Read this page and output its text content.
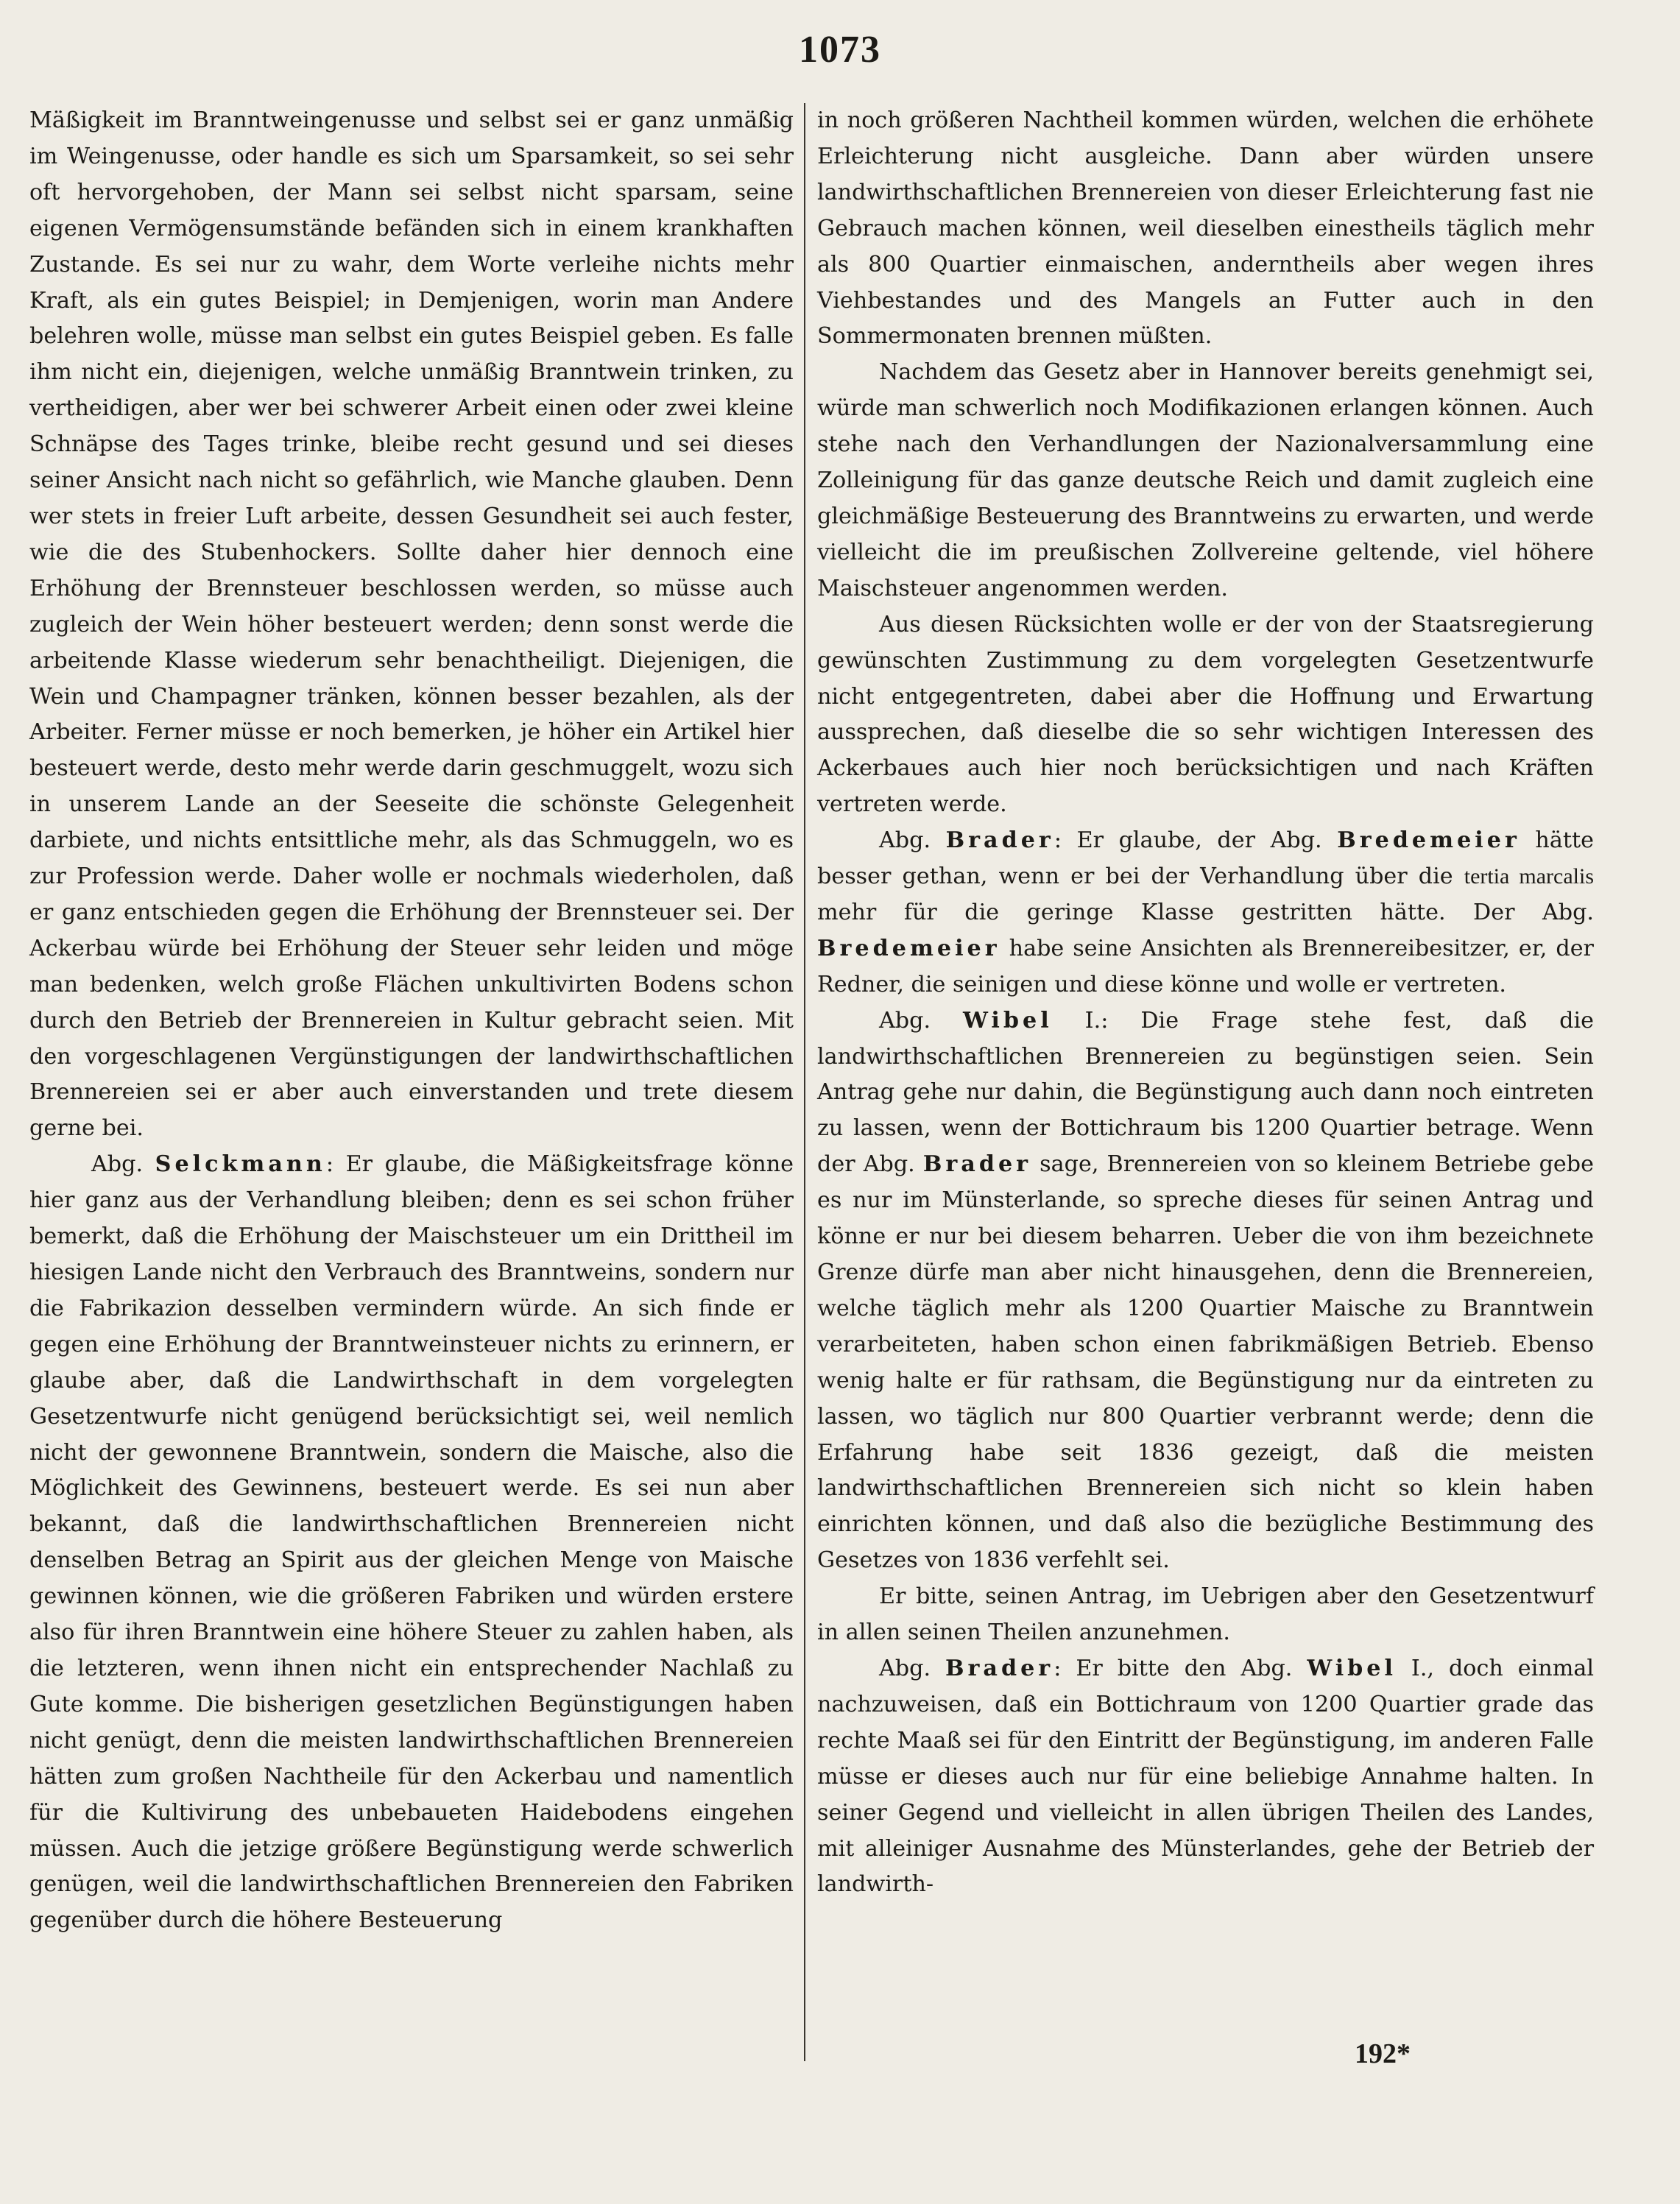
1073

Mäßigkeit im Branntweingenusse und selbst sei er ganz unmäßig im Weingenusse, oder handle es sich um Sparsamkeit, so sei sehr oft hervorgehoben, der Mann sei selbst nicht sparsam, seine eigenen Vermögensumstände befänden sich in einem krankhaften Zustande. Es sei nur zu wahr, dem Worte verleihe nichts mehr Kraft, als ein gutes Beispiel; in Demjenigen, worin man Andere belehren wolle, müsse man selbst ein gutes Beispiel geben. Es falle ihm nicht ein, diejenigen, welche unmäßig Branntwein trinken, zu vertheidigen, aber wer bei schwerer Arbeit einen oder zwei kleine Schnäpse des Tages trinke, bleibe recht gesund und sei dieses seiner Ansicht nach nicht so gefährlich, wie Manche glauben. Denn wer stets in freier Luft arbeite, dessen Gesundheit sei auch fester, wie die des Stubenhockers. Sollte daher hier dennoch eine Erhöhung der Brennsteuer beschlossen werden, so müsse auch zugleich der Wein höher besteuert werden; denn sonst werde die arbeitende Klasse wiederum sehr benachtheiligt. Diejenigen, die Wein und Champagner tränken, können besser bezahlen, als der Arbeiter. Ferner müsse er noch bemerken, je höher ein Artikel hier besteuert werde, desto mehr werde darin geschmuggelt, wozu sich in unserem Lande an der Seeseite die schönste Gelegenheit darbiete, und nichts entsittliche mehr, als das Schmuggeln, wo es zur Profession werde. Daher wolle er nochmals wiederholen, daß er ganz entschieden gegen die Erhöhung der Brennsteuer sei. Der Ackerbau würde bei Erhöhung der Steuer sehr leiden und möge man bedenken, welch große Flächen unkultivirten Bodens schon durch den Betrieb der Brennereien in Kultur gebracht seien. Mit den vorgeschlagenen Vergünstigungen der landwirthschaftlichen Brennereien sei er aber auch einverstanden und trete diesem gerne bei.

Abg. Selckmann: Er glaube, die Mäßigkeitsfrage könne hier ganz aus der Verhandlung bleiben; denn es sei schon früher bemerkt, daß die Erhöhung der Maischsteuer um ein Drittheil im hiesigen Lande nicht den Verbrauch des Branntweins, sondern nur die Fabrikazion desselben vermindern würde. An sich finde er gegen eine Erhöhung der Branntweinsteuer nichts zu erinnern, er glaube aber, daß die Landwirthschaft in dem vorgelegten Gesetzentwurfe nicht genügend berücksichtigt sei, weil nemlich nicht der gewonnene Branntwein, sondern die Maische, also die Möglichkeit des Gewinnens, besteuert werde. Es sei nun aber bekannt, daß die landwirthschaftlichen Brennereien nicht denselben Betrag an Spirit aus der gleichen Menge von Maische gewinnen können, wie die größeren Fabriken und würden erstere also für ihren Branntwein eine höhere Steuer zu zahlen haben, als die letzteren, wenn ihnen nicht ein entsprechender Nachlaß zu Gute komme. Die bisherigen gesetzlichen Begünstigungen haben nicht genügt, denn die meisten landwirthschaftlichen Brennereien hätten zum großen Nachtheile für den Ackerbau und namentlich für die Kultivirung des unbebaueten Haidebodens eingehen müssen. Auch die jetzige größere Begünstigung werde schwerlich genügen, weil die landwirthschaftlichen Brennereien den Fabriken gegenüber durch die höhere Besteuerung

in noch größeren Nachtheil kommen würden, welchen die erhöhete Erleichterung nicht ausgleiche. Dann aber würden unsere landwirthschaftlichen Brennereien von dieser Erleichterung fast nie Gebrauch machen können, weil dieselben einestheils täglich mehr als 800 Quartier einmaischen, anderntheils aber wegen ihres Viehbestandes und des Mangels an Futter auch in den Sommermonaten brennen müßten.

Nachdem das Gesetz aber in Hannover bereits genehmigt sei, würde man schwerlich noch Modifikazionen erlangen können. Auch stehe nach den Verhandlungen der Nazionalversammlung eine Zolleinigung für das ganze deutsche Reich und damit zugleich eine gleichmäßige Besteuerung des Branntweins zu erwarten, und werde vielleicht die im preußischen Zollvereine geltende, viel höhere Maischsteuer angenommen werden.

Aus diesen Rücksichten wolle er der von der Staatsregierung gewünschten Zustimmung zu dem vorgelegten Gesetzentwurfe nicht entgegentreten, dabei aber die Hoffnung und Erwartung aussprechen, daß dieselbe die so sehr wichtigen Interessen des Ackerbaues auch hier noch berücksichtigen und nach Kräften vertreten werde.

Abg. Brader: Er glaube, der Abg. Bredemeier hätte besser gethan, wenn er bei der Verhandlung über die tertia marcalis mehr für die geringe Klasse gestritten hätte. Der Abg. Bredemeier habe seine Ansichten als Brennereibesitzer, er, der Redner, die seinigen und diese könne und wolle er vertreten.

Abg. Wibel I.: Die Frage stehe fest, daß die landwirthschaftlichen Brennereien zu begünstigen seien. Sein Antrag gehe nur dahin, die Begünstigung auch dann noch eintreten zu lassen, wenn der Bottichraum bis 1200 Quartier betrage. Wenn der Abg. Brader sage, Brennereien von so kleinem Betriebe gebe es nur im Münsterlande, so spreche dieses für seinen Antrag und könne er nur bei diesem beharren. Ueber die von ihm bezeichnete Grenze dürfe man aber nicht hinausgehen, denn die Brennereien, welche täglich mehr als 1200 Quartier Maische zu Branntwein verarbeiteten, haben schon einen fabrikmäßigen Betrieb. Ebenso wenig halte er für rathsam, die Begünstigung nur da eintreten zu lassen, wo täglich nur 800 Quartier verbrannt werde; denn die Erfahrung habe seit 1836 gezeigt, daß die meisten landwirthschaftlichen Brennereien sich nicht so klein haben einrichten können, und daß also die bezügliche Bestimmung des Gesetzes von 1836 verfehlt sei.

Er bitte, seinen Antrag, im Uebrigen aber den Gesetzentwurf in allen seinen Theilen anzunehmen.

Abg. Brader: Er bitte den Abg. Wibel I., doch einmal nachzuweisen, daß ein Bottichraum von 1200 Quartier grade das rechte Maaß sei für den Eintritt der Begünstigung, im anderen Falle müsse er dieses auch nur für eine beliebige Annahme halten. In seiner Gegend und vielleicht in allen übrigen Theilen des Landes, mit alleiniger Ausnahme des Münsterlandes, gehe der Betrieb der landwirth-

192*
